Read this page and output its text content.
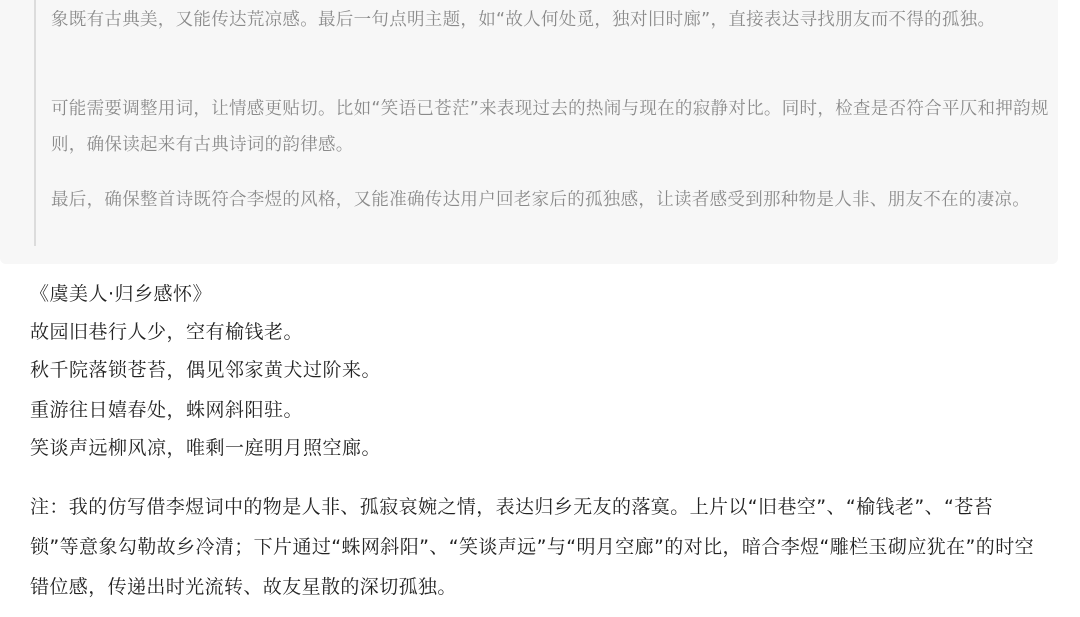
象既有古典美，又能传达荒凉感。最后一句点明主题，如“故人何处觅，独对旧时廊”，直接表达寻找朋友而不得的孤独。

可能需要调整用词，让情感更贴切。比如“笑语已苍茫”来表现过去的热闹与现在的寂静对比。同时，检查是否符合平仄和押韵规则，确保读起来有古典诗词的韵律感。

最后，确保整首诗既符合李煜的风格，又能准确传达用户回老家后的孤独感，让读者感受到那种物是人非、朋友不在的凄凉。

《虞美人·归乡感怀》

故园旧巷行人少，空有榆钱老。

秋千院落锁苍苔，偶见邻家黄犬过阶来。

重游往日嬉春处，蛛网斜阳驻。

笑谈声远柳风凉，唯剩一庭明月照空廊。

注：我的仿写借李煜词中的物是人非、孤寂哀婉之情，表达归乡无友的落寞。上片以“旧巷空”、“榆钱老”、“苍苔锁”等意象勾勒故乡冷清；下片通过“蛛网斜阳”、“笑谈声远”与“明月空廊”的对比，暗合李煜“雕栏玉砌应犹在”的时空错位感，传递出时光流转、故友星散的深切孤独。
